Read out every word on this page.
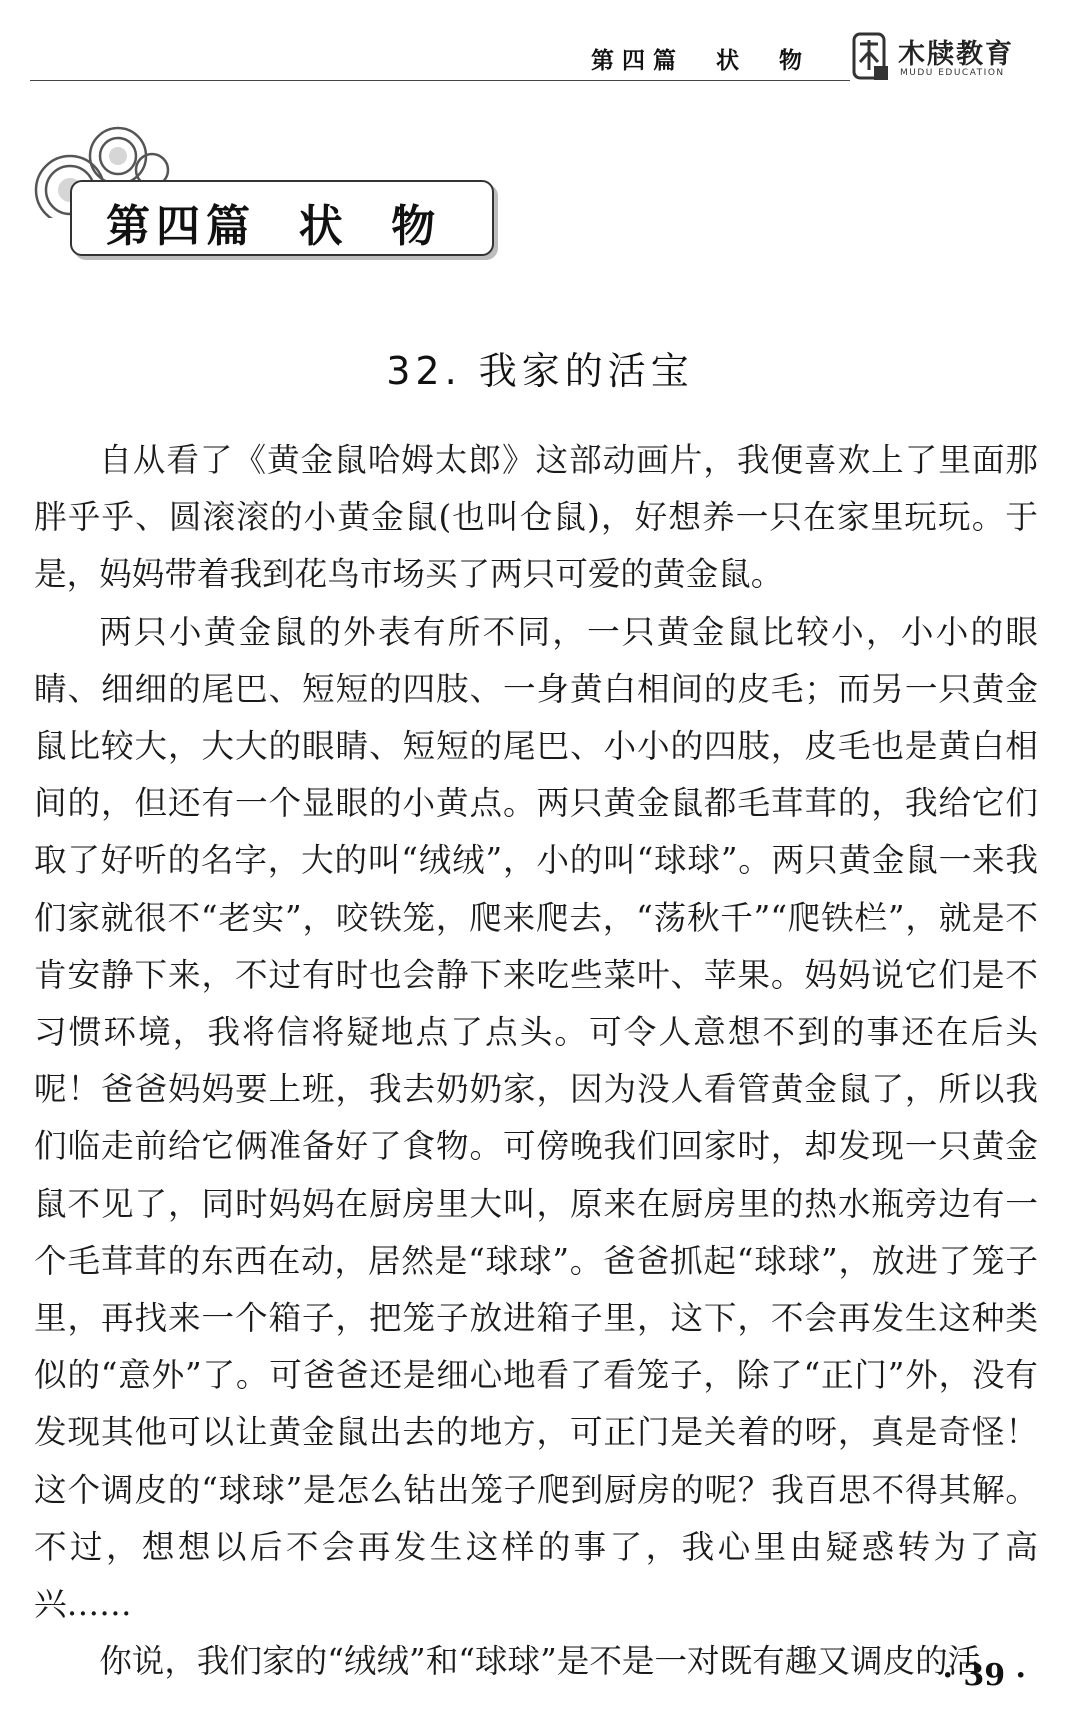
第四篇  状  物	木牍教育
MUDU EDUCATION
第四篇  状  物
32. 我家的活宝

自从看了《黄金鼠哈姆太郎》这部动画片，我便喜欢上了里面那胖乎乎、圆滚滚的小黄金鼠(也叫仓鼠)，好想养一只在家里玩玩。于是，妈妈带着我到花鸟市场买了两只可爱的黄金鼠。

两只小黄金鼠的外表有所不同，一只黄金鼠比较小，小小的眼睛、细细的尾巴、短短的四肢、一身黄白相间的皮毛；而另一只黄金鼠比较大，大大的眼睛、短短的尾巴、小小的四肢，皮毛也是黄白相间的，但还有一个显眼的小黄点。两只黄金鼠都毛茸茸的，我给它们取了好听的名字，大的叫“绒绒”，小的叫“球球”。两只黄金鼠一来我们家就很不“老实”，咬铁笼，爬来爬去，“荡秋千”“爬铁栏”，就是不肯安静下来，不过有时也会静下来吃些菜叶、苹果。妈妈说它们是不习惯环境，我将信将疑地点了点头。可令人意想不到的事还在后头呢！爸爸妈妈要上班，我去奶奶家，因为没人看管黄金鼠了，所以我们临走前给它俩准备好了食物。可傍晚我们回家时，却发现一只黄金鼠不见了，同时妈妈在厨房里大叫，原来在厨房里的热水瓶旁边有一个毛茸茸的东西在动，居然是“球球”。爸爸抓起“球球”，放进了笼子里，再找来一个箱子，把笼子放进箱子里，这下，不会再发生这种类似的“意外”了。可爸爸还是细心地看了看笼子，除了“正门”外，没有发现其他可以让黄金鼠出去的地方，可正门是关着的呀，真是奇怪！这个调皮的“球球”是怎么钻出笼子爬到厨房的呢？我百思不得其解。不过，想想以后不会再发生这样的事了，我心里由疑惑转为了高兴……

你说，我们家的“绒绒”和“球球”是不是一对既有趣又调皮的活

· 39 ·
